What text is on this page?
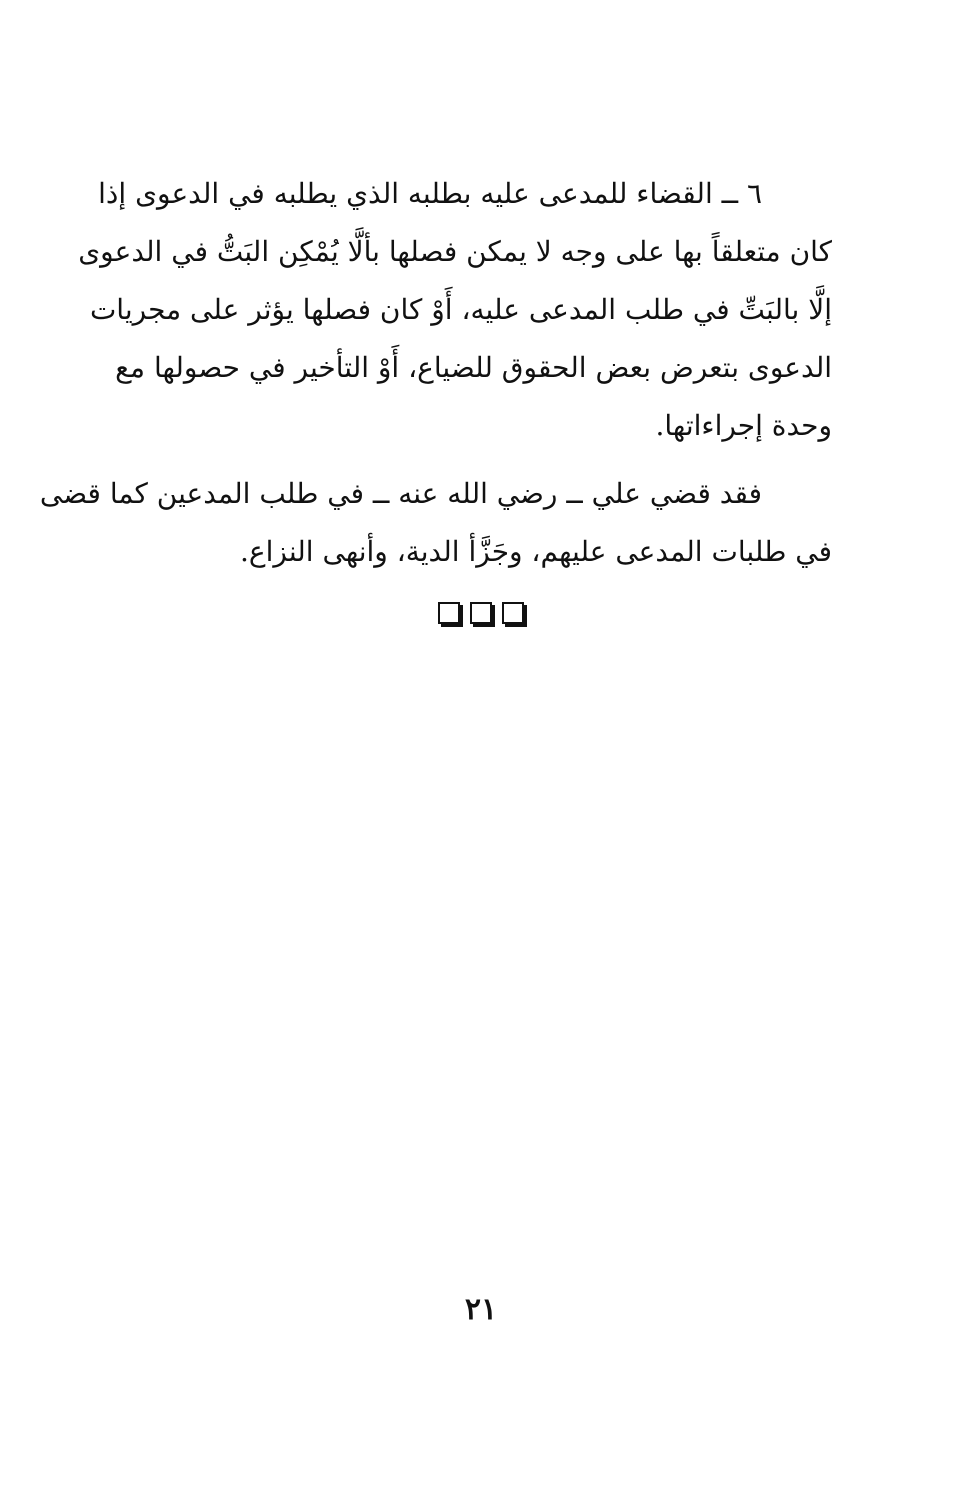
٦ ــ القضاء للمدعى عليه بطلبه الذي يطلبه في الدعوى إذا
كان متعلقاً بها على وجه لا يمكن فصلها بألَّا يُمْكِن البَتُّ في الدعوى
إلَّا بالبَتِّ في طلب المدعى عليه، أَوْ كان فصلها يؤثر على مجريات
الدعوى بتعرض بعض الحقوق للضياع، أَوْ التأخير في حصولها مع
وحدة إجراءاتها.

فقد قضي علي ــ رضي الله عنه ــ في طلب المدعين كما قضى
في طلبات المدعى عليهم، وجَزَّأ الدية، وأنهى النزاع.

٢١
